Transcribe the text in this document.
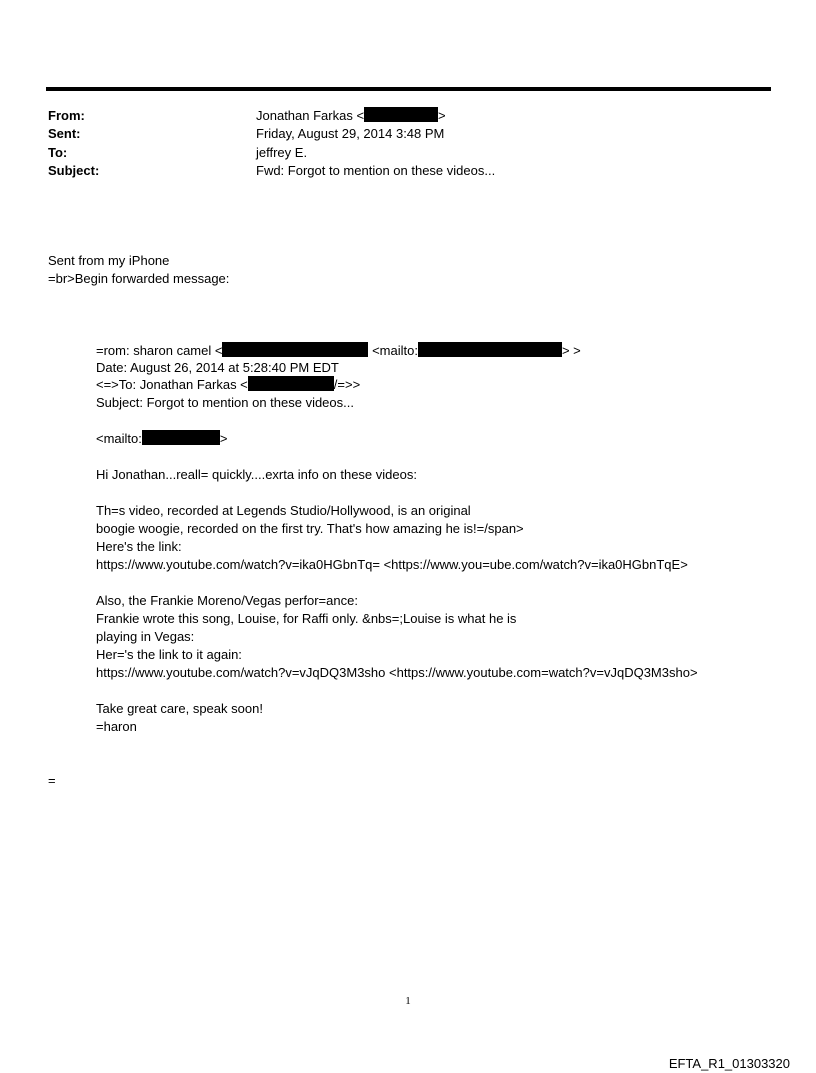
From:	Jonathan Farkas <	>
Sent:	Friday, August 29, 2014 3:48 PM
To:	jeffrey E.
Subject:	Fwd: Forgot to mention on these videos...
Sent from my iPhone
=br>Begin forwarded message:
=rom: sharon camel <	<mailto:	> >
Date: August 26, 2014 at 5:28:40 PM EDT
<=>To: Jonathan Farkas <	/=>>
Subject: Forgot to mention on these videos...
<mailto:	>
Hi Jonathan...reall= quickly....exrta info on these videos:
Th=s video, recorded at Legends Studio/Hollywood, is an original
boogie woogie, recorded on the first try. That's how amazing he is!=/span>
Here's the link:
https://www.youtube.com/watch?v=ika0HGbnTq= <https://www.you=ube.com/watch?v=ika0HGbnTqE>
Also, the Frankie Moreno/Vegas perfor=ance:
Frankie wrote this song, Louise, for Raffi only. &nbs=;Louise is what he is
playing in Vegas:
Her='s the link to it again:
https://www.youtube.com/watch?v=vJqDQ3M3sho <https://www.youtube.com=watch?v=vJqDQ3M3sho>
Take great care, speak soon!
=haron
=
1
EFTA_R1_01303320
